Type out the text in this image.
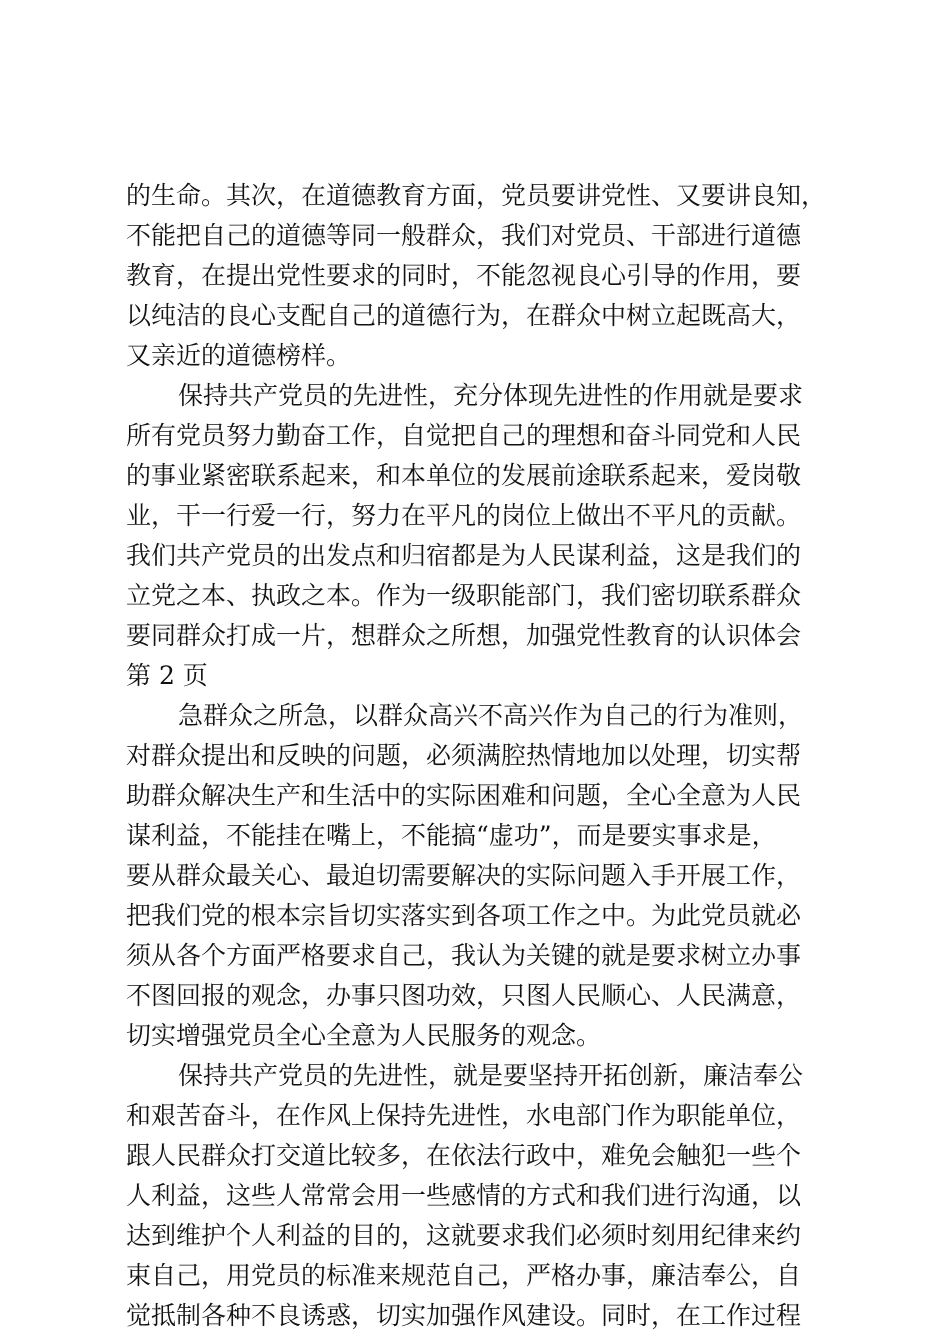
的生命。其次，在道德教育方面，党员要讲党性、又要讲良知，
不能把自己的道德等同一般群众，我们对党员、干部进行道德
教育，在提出党性要求的同时，不能忽视良心引导的作用，要
以纯洁的良心支配自己的道德行为，在群众中树立起既高大，
又亲近的道德榜样。
保持共产党员的先进性，充分体现先进性的作用就是要求
所有党员努力勤奋工作，自觉把自己的理想和奋斗同党和人民
的事业紧密联系起来，和本单位的发展前途联系起来，爱岗敬
业，干一行爱一行，努力在平凡的岗位上做出不平凡的贡献。
我们共产党员的出发点和归宿都是为人民谋利益，这是我们的
立党之本、执政之本。作为一级职能部门，我们密切联系群众
要同群众打成一片，想群众之所想，加强党性教育的认识体会
第 2 页
急群众之所急，以群众高兴不高兴作为自己的行为准则，
对群众提出和反映的问题，必须满腔热情地加以处理，切实帮
助群众解决生产和生活中的实际困难和问题，全心全意为人民
谋利益，不能挂在嘴上，不能搞“虚功”，而是要实事求是，
要从群众最关心、最迫切需要解决的实际问题入手开展工作，
把我们党的根本宗旨切实落实到各项工作之中。为此党员就必
须从各个方面严格要求自己，我认为关键的就是要求树立办事
不图回报的观念，办事只图功效，只图人民顺心、人民满意，
切实增强党员全心全意为人民服务的观念。
保持共产党员的先进性，就是要坚持开拓创新，廉洁奉公
和艰苦奋斗，在作风上保持先进性，水电部门作为职能单位，
跟人民群众打交道比较多，在依法行政中，难免会触犯一些个
人利益，这些人常常会用一些感情的方式和我们进行沟通，以
达到维护个人利益的目的，这就要求我们必须时刻用纪律来约
束自己，用党员的标准来规范自己，严格办事，廉洁奉公，自
觉抵制各种不良诱惑，切实加强作风建设。同时，在工作过程
